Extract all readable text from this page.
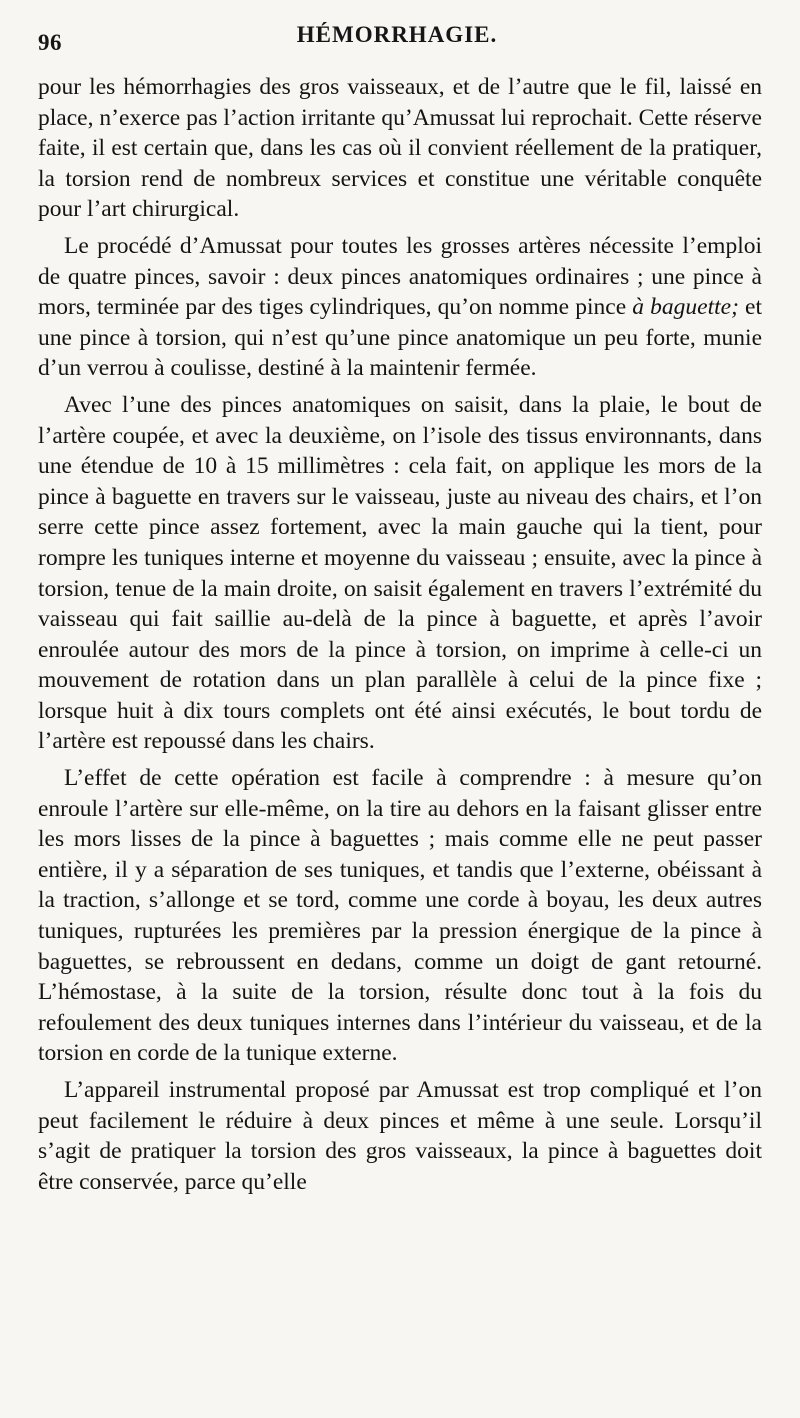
96	HÉMORRHAGIE.

pour les hémorrhagies des gros vaisseaux, et de l’autre que le fil, laissé en place, n’exerce pas l’action irritante qu’Amussat lui reprochait. Cette réserve faite, il est certain que, dans les cas où il convient réellement de la pratiquer, la torsion rend de nombreux services et constitue une véritable conquête pour l’art chirurgical.

Le procédé d’Amussat pour toutes les grosses artères nécessite l’emploi de quatre pinces, savoir : deux pinces anatomiques ordinaires ; une pince à mors, terminée par des tiges cylindriques, qu’on nomme pince à baguette; et une pince à torsion, qui n’est qu’une pince anatomique un peu forte, munie d’un verrou à coulisse, destiné à la maintenir fermée.

Avec l’une des pinces anatomiques on saisit, dans la plaie, le bout de l’artère coupée, et avec la deuxième, on l’isole des tissus environnants, dans une étendue de 10 à 15 millimètres : cela fait, on applique les mors de la pince à baguette en travers sur le vaisseau, juste au niveau des chairs, et l’on serre cette pince assez fortement, avec la main gauche qui la tient, pour rompre les tuniques interne et moyenne du vaisseau ; ensuite, avec la pince à torsion, tenue de la main droite, on saisit également en travers l’extrémité du vaisseau qui fait saillie au-delà de la pince à baguette, et après l’avoir enroulée autour des mors de la pince à torsion, on imprime à celle-ci un mouvement de rotation dans un plan parallèle à celui de la pince fixe ; lorsque huit à dix tours complets ont été ainsi exécutés, le bout tordu de l’artère est repoussé dans les chairs.

L’effet de cette opération est facile à comprendre : à mesure qu’on enroule l’artère sur elle-même, on la tire au dehors en la faisant glisser entre les mors lisses de la pince à baguettes ; mais comme elle ne peut passer entière, il y a séparation de ses tuniques, et tandis que l’externe, obéissant à la traction, s’allonge et se tord, comme une corde à boyau, les deux autres tuniques, rupturées les premières par la pression énergique de la pince à baguettes, se rebroussent en dedans, comme un doigt de gant retourné. L’hémostase, à la suite de la torsion, résulte donc tout à la fois du refoulement des deux tuniques internes dans l’intérieur du vaisseau, et de la torsion en corde de la tunique externe.

L’appareil instrumental proposé par Amussat est trop compliqué et l’on peut facilement le réduire à deux pinces et même à une seule. Lorsqu’il s’agit de pratiquer la torsion des gros vaisseaux, la pince à baguettes doit être conservée, parce qu’elle
